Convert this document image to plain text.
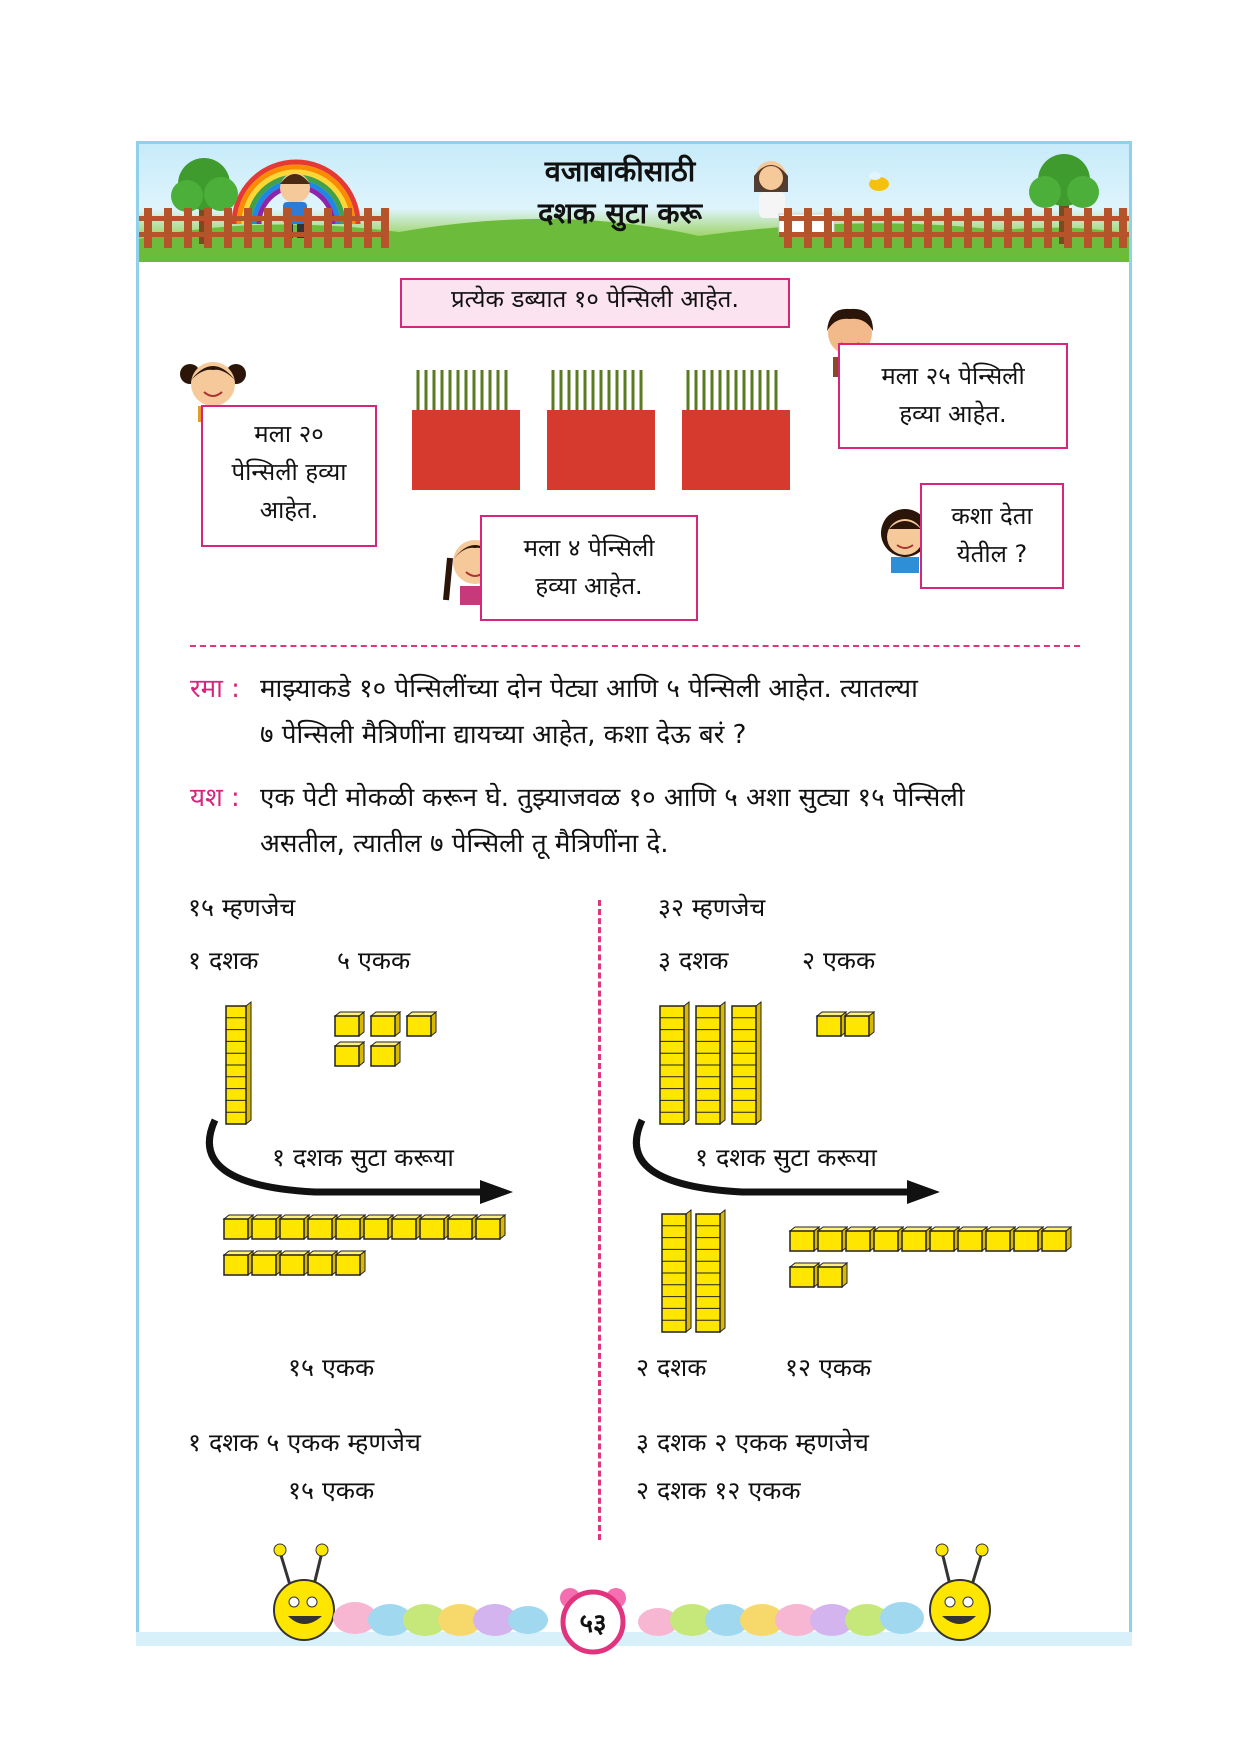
वजाबाकीसाठी
दशक सुटा करू
प्रत्येक डब्यात १० पेन्सिली आहेत.
मला २०
पेन्सिली हव्या
आहेत.
मला २५ पेन्सिली
हव्या आहेत.
मला ४ पेन्सिली
हव्या आहेत.
कशा देता
येतील ?
रमा : माझ्याकडे १० पेन्सिलींच्या दोन पेट्या आणि ५ पेन्सिली आहेत. त्यातल्या
७ पेन्सिली मैत्रिणींना द्यायच्या आहेत, कशा देऊ बरं ?
यश : एक पेटी मोकळी करून घे. तुझ्याजवळ १० आणि ५ अशा सुट्या १५ पेन्सिली
असतील, त्यातील ७ पेन्सिली तू मैत्रिणींना दे.
१५ म्हणजेच
१ दशक	५ एकक
१ दशक सुटा करूया
१५ एकक
१ दशक ५ एकक म्हणजेच
१५ एकक
३२ म्हणजेच
३ दशक	२ एकक
१ दशक सुटा करूया
२ दशक	१२ एकक
३ दशक २ एकक म्हणजेच
२ दशक १२ एकक
५३
